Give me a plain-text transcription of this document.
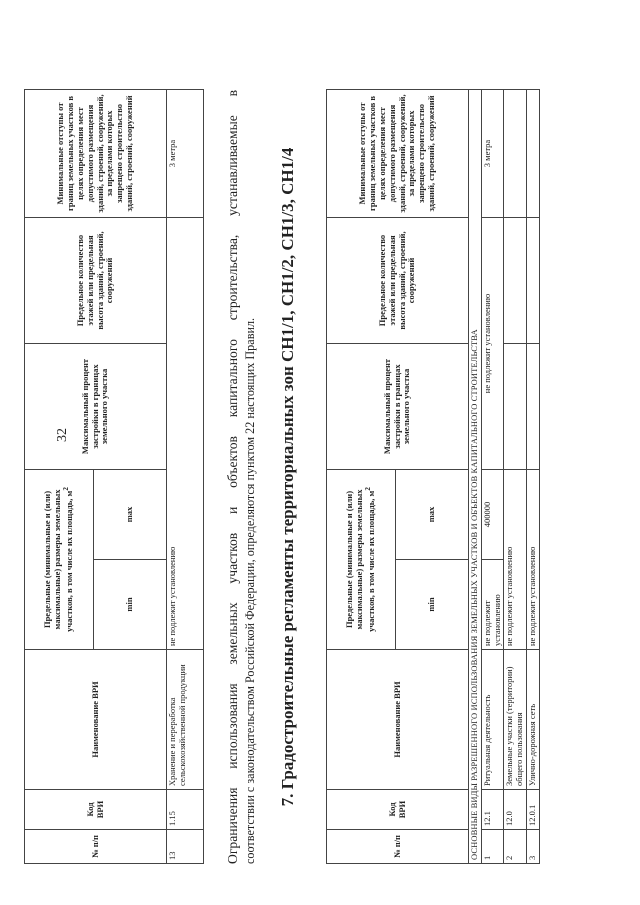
32
№ п/п	Код ВРИ	Наименование ВРИ	Предельные (минимальные и (или) максимальные) размеры земельных участков, в том числе их площадь, $м^2$		Максимальный процент застройки в границах земельного участка	Предельное количество этажей или предельная высота зданий, строений, сооружений	Минимальные отступы от границ земельных участков в целях определения мест допустимого размещения зданий, строений, сооружений, за пределами которых запрещено строительство зданий, строений, сооружений
			min	max			
13	1.15	Хранение и переработка сельскохозяйственной продукции	не подлежит установлению				3 метра	Ограничения использования земельных участков и объектов капитального строительства, устанавливаемые в соответствии с законодательством Российской Федерации, определяются пунктом 22 настоящих Правил. 7. Градостроительные регламенты территориальных зон СН1/1, СН1/2, СН1/3, СН1/4
№ п/п	Код ВРИ	Наименование ВРИ	Предельные (минимальные и (или) максимальные) размеры земельных участков, в том числе их площадь, $м^2$		Максимальный процент застройки в границах земельного участка	Предельное количество этажей или предельная высота зданий, строений, сооружений	Минимальные отступы от границ земельных участков в целях определения мест допустимого размещения зданий, строений, сооружений, за пределами которых запрещено строительство зданий, строений, сооружений
			min	max			
ОСНОВНЫЕ ВИДЫ РАЗРЕШЕННОГО ИСПОЛЬЗОВАНИЯ ЗЕМЕЛЬНЫХ УЧАСТКОВ И ОБЪЕКТОВ КАПИТАЛЬНОГО СТРОИТЕЛЬСТВА							
1	12.1	Ритуальная деятельность	не подлежит установлению	400000	не подлежит установлению		3 метра
2	12.0	Земельные участки (территории) общего пользования	не подлежит установлению				
3	12.0.1	Улично-дорожная сеть	не подлежит установлению				
